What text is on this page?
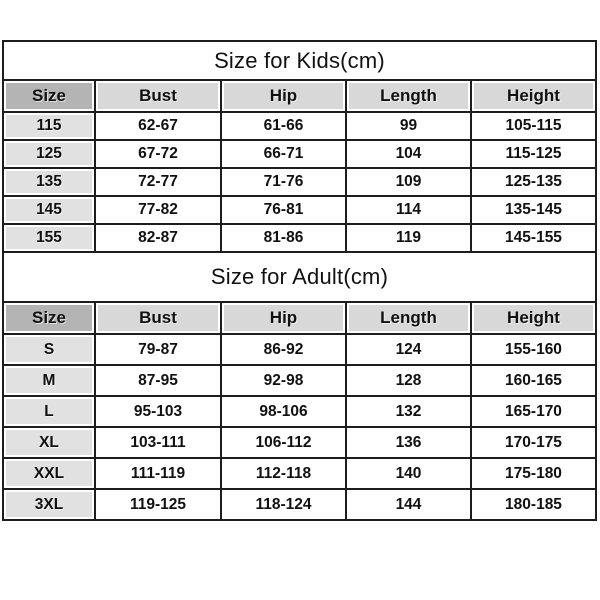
Size for Kids(cm)				
Size	Bust	Hip	Length	Height
115	62-67	61-66	99	105-115
125	67-72	66-71	104	115-125
135	72-77	71-76	109	125-135
145	77-82	76-81	114	135-145
155	82-87	81-86	119	145-155
Size for Adult(cm)				
Size	Bust	Hip	Length	Height
S	79-87	86-92	124	155-160
M	87-95	92-98	128	160-165
L	95-103	98-106	132	165-170
XL	103-111	106-112	136	170-175
XXL	111-119	112-118	140	175-180
3XL	119-125	118-124	144	180-185
